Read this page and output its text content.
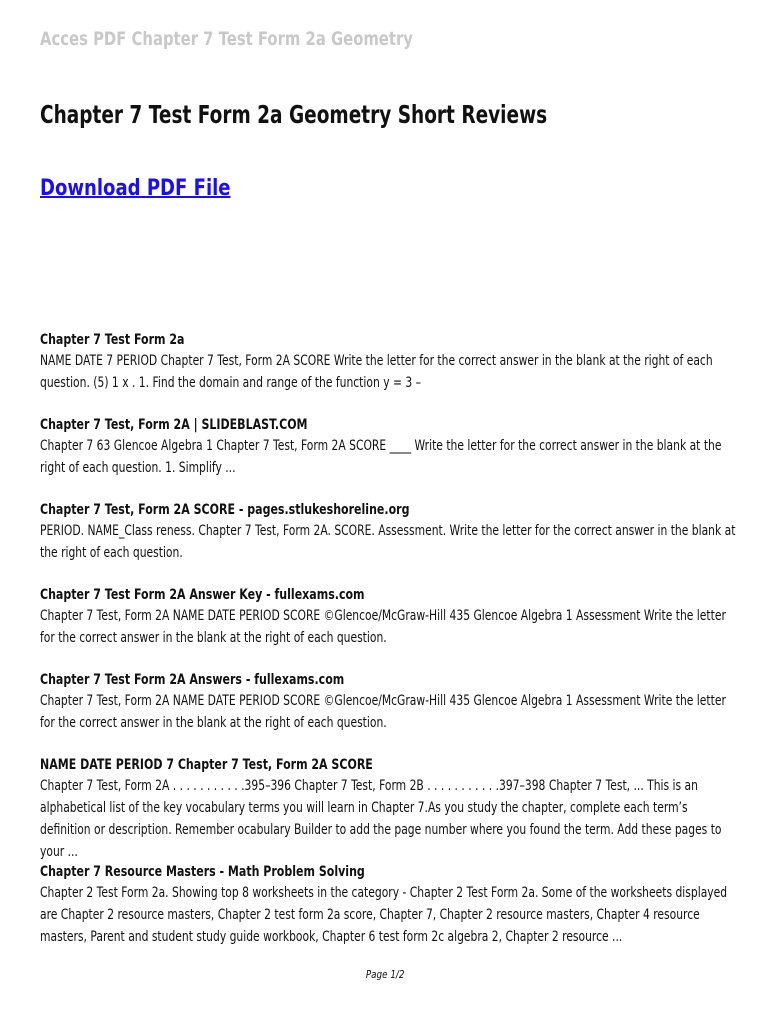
Acces PDF Chapter 7 Test Form 2a Geometry
Chapter 7 Test Form 2a Geometry Short Reviews
Download PDF File
Chapter 7 Test Form 2a
NAME DATE 7 PERIOD Chapter 7 Test, Form 2A SCORE Write the letter for the correct answer in the blank at the right of each question. (5) 1 x . 1. Find the domain and range of the function y = 3 –
Chapter 7 Test, Form 2A | SLIDEBLAST.COM
Chapter 7 63 Glencoe Algebra 1 Chapter 7 Test, Form 2A SCORE ____ Write the letter for the correct answer in the blank at the right of each question. 1. Simplify ...
Chapter 7 Test, Form 2A SCORE - pages.stlukeshoreline.org
PERIOD. NAME_Class reness. Chapter 7 Test, Form 2A. SCORE. Assessment. Write the letter for the correct answer in the blank at the right of each question.
Chapter 7 Test Form 2A Answer Key - fullexams.com
Chapter 7 Test, Form 2A NAME DATE PERIOD SCORE ©Glencoe/McGraw-Hill 435 Glencoe Algebra 1 Assessment Write the letter for the correct answer in the blank at the right of each question.
Chapter 7 Test Form 2A Answers - fullexams.com
Chapter 7 Test, Form 2A NAME DATE PERIOD SCORE ©Glencoe/McGraw-Hill 435 Glencoe Algebra 1 Assessment Write the letter for the correct answer in the blank at the right of each question.
NAME DATE PERIOD 7 Chapter 7 Test, Form 2A SCORE
Chapter 7 Test, Form 2A . . . . . . . . . . .395–396 Chapter 7 Test, Form 2B . . . . . . . . . . .397–398 Chapter 7 Test, ... This is an alphabetical list of the key vocabulary terms you will learn in Chapter 7.As you study the chapter, complete each term’s definition or description. Remember ocabulary Builder to add the page number where you found the term. Add these pages to your ...
Chapter 7 Resource Masters - Math Problem Solving
Chapter 2 Test Form 2a. Showing top 8 worksheets in the category - Chapter 2 Test Form 2a. Some of the worksheets displayed are Chapter 2 resource masters, Chapter 2 test form 2a score, Chapter 7, Chapter 2 resource masters, Chapter 4 resource masters, Parent and student study guide workbook, Chapter 6 test form 2c algebra 2, Chapter 2 resource ...
Page 1/2
